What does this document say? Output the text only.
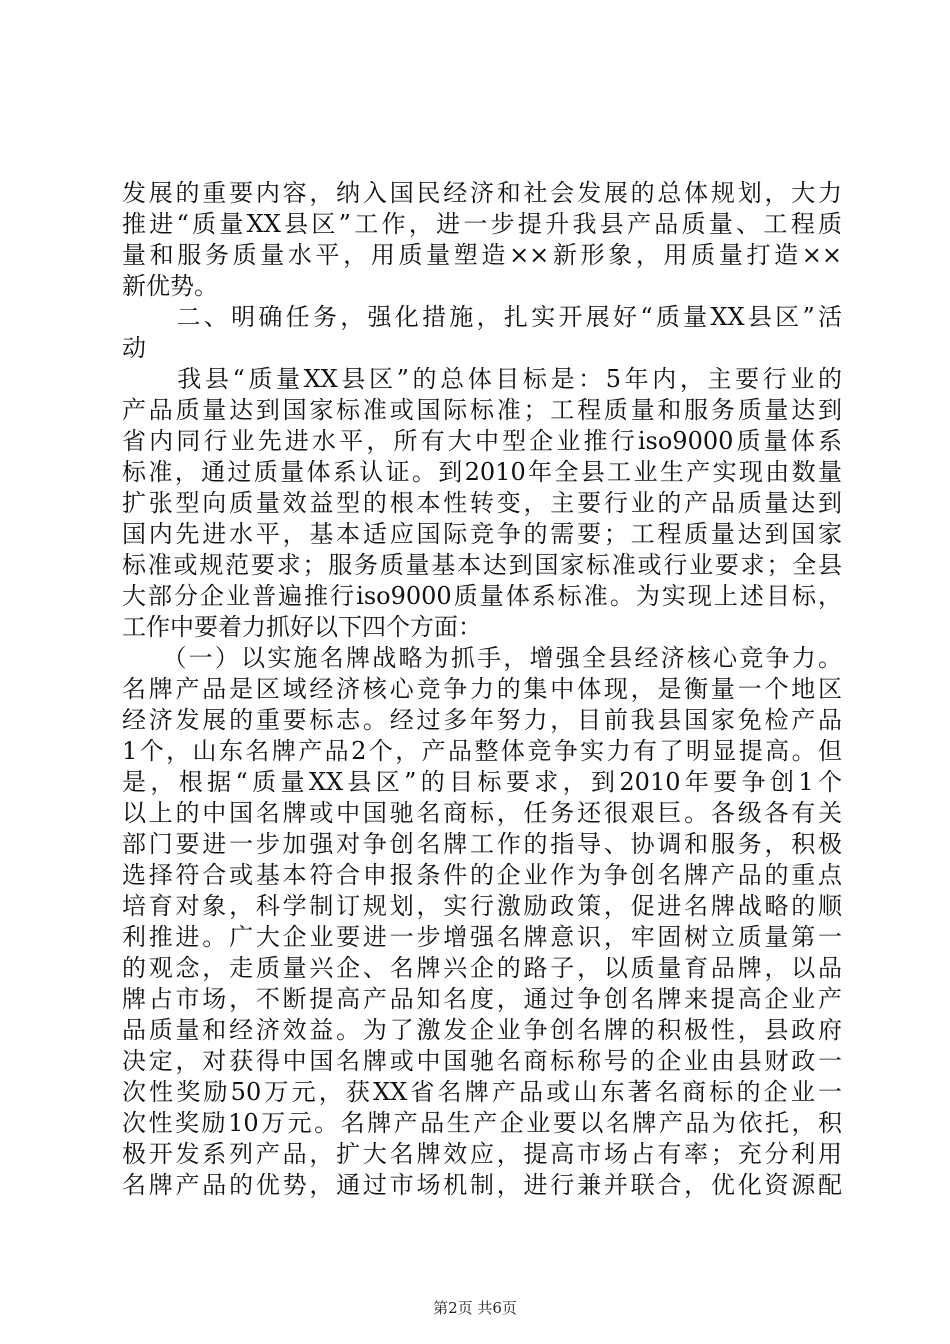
发展的重要内容，纳入国民经济和社会发展的总体规划，大力
推进“质量XX县区”工作，进一步提升我县产品质量、工程质
量和服务质量水平，用质量塑造××新形象，用质量打造××
新优势。
　　二、明确任务，强化措施，扎实开展好“质量XX县区”活
动
　　我县“质量XX县区”的总体目标是：5年内，主要行业的
产品质量达到国家标准或国际标准；工程质量和服务质量达到
省内同行业先进水平，所有大中型企业推行iso9000质量体系
标准，通过质量体系认证。到2010年全县工业生产实现由数量
扩张型向质量效益型的根本性转变，主要行业的产品质量达到
国内先进水平，基本适应国际竞争的需要；工程质量达到国家
标准或规范要求；服务质量基本达到国家标准或行业要求；全县
大部分企业普遍推行iso9000质量体系标准。为实现上述目标，
工作中要着力抓好以下四个方面：
　　（一）以实施名牌战略为抓手，增强全县经济核心竞争力。
名牌产品是区域经济核心竞争力的集中体现，是衡量一个地区
经济发展的重要标志。经过多年努力，目前我县国家免检产品
1个，山东名牌产品2个，产品整体竞争实力有了明显提高。但
是，根据“质量XX县区”的目标要求，到2010年要争创1个
以上的中国名牌或中国驰名商标，任务还很艰巨。各级各有关
部门要进一步加强对争创名牌工作的指导、协调和服务，积极
选择符合或基本符合申报条件的企业作为争创名牌产品的重点
培育对象，科学制订规划，实行激励政策，促进名牌战略的顺
利推进。广大企业要进一步增强名牌意识，牢固树立质量第一
的观念，走质量兴企、名牌兴企的路子，以质量育品牌，以品
牌占市场，不断提高产品知名度，通过争创名牌来提高企业产
品质量和经济效益。为了激发企业争创名牌的积极性，县政府
决定，对获得中国名牌或中国驰名商标称号的企业由县财政一
次性奖励50万元，获XX省名牌产品或山东著名商标的企业一
次性奖励10万元。名牌产品生产企业要以名牌产品为依托，积
极开发系列产品，扩大名牌效应，提高市场占有率；充分利用
名牌产品的优势，通过市场机制，进行兼并联合，优化资源配
第2页 共6页
